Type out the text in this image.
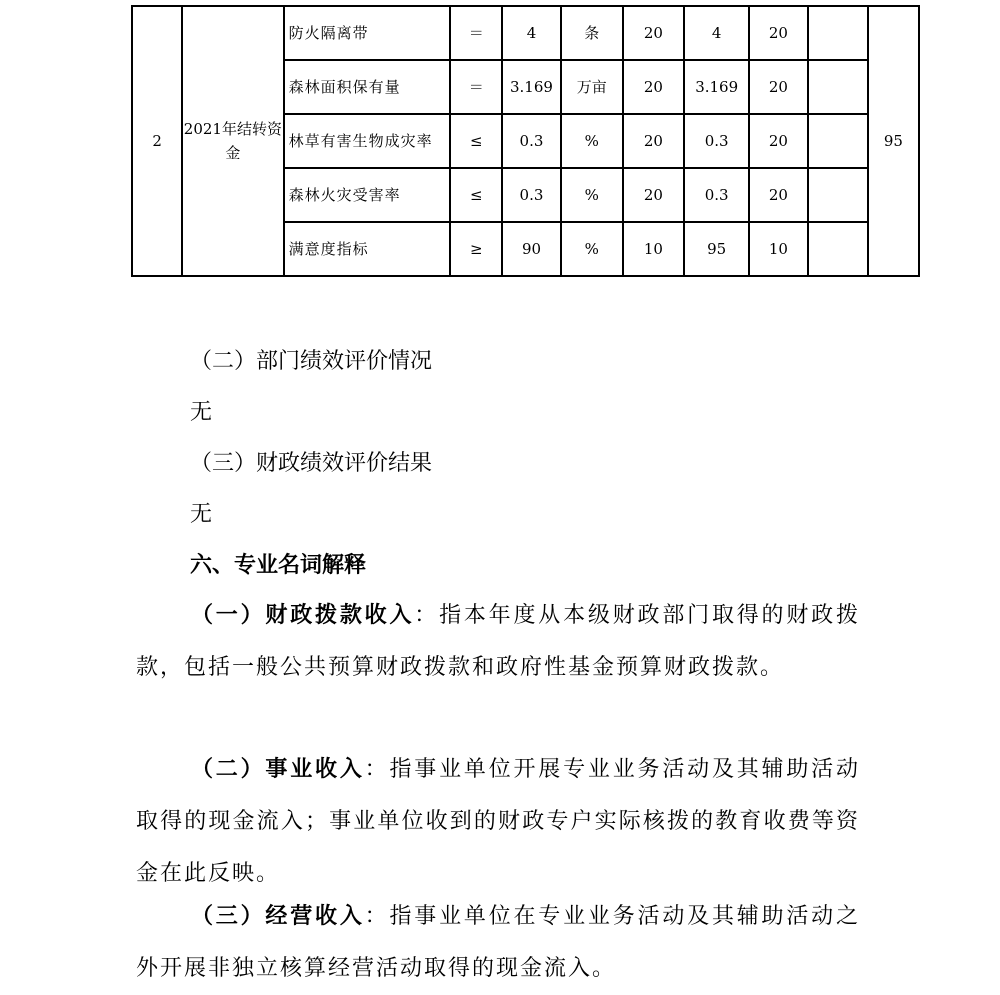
2	2021年结转资金	防火隔离带	＝	4	条	20	4	20		95
		森林面积保有量	＝	3.169	万亩	20	3.169	20		
		林草有害生物成灾率	≤	0.3	%	20	0.3	20		
		森林火灾受害率	≤	0.3	%	20	0.3	20		
		满意度指标	≥	90	%	10	95	10		
（二）部门绩效评价情况
无
（三）财政绩效评价结果
无
六、专业名词解释
（一）财政拨款收入：指本年度从本级财政部门取得的财政拨款，包括一般公共预算财政拨款和政府性基金预算财政拨款。
（二）事业收入：指事业单位开展专业业务活动及其辅助活动取得的现金流入；事业单位收到的财政专户实际核拨的教育收费等资金在此反映。
（三）经营收入：指事业单位在专业业务活动及其辅助活动之外开展非独立核算经营活动取得的现金流入。
